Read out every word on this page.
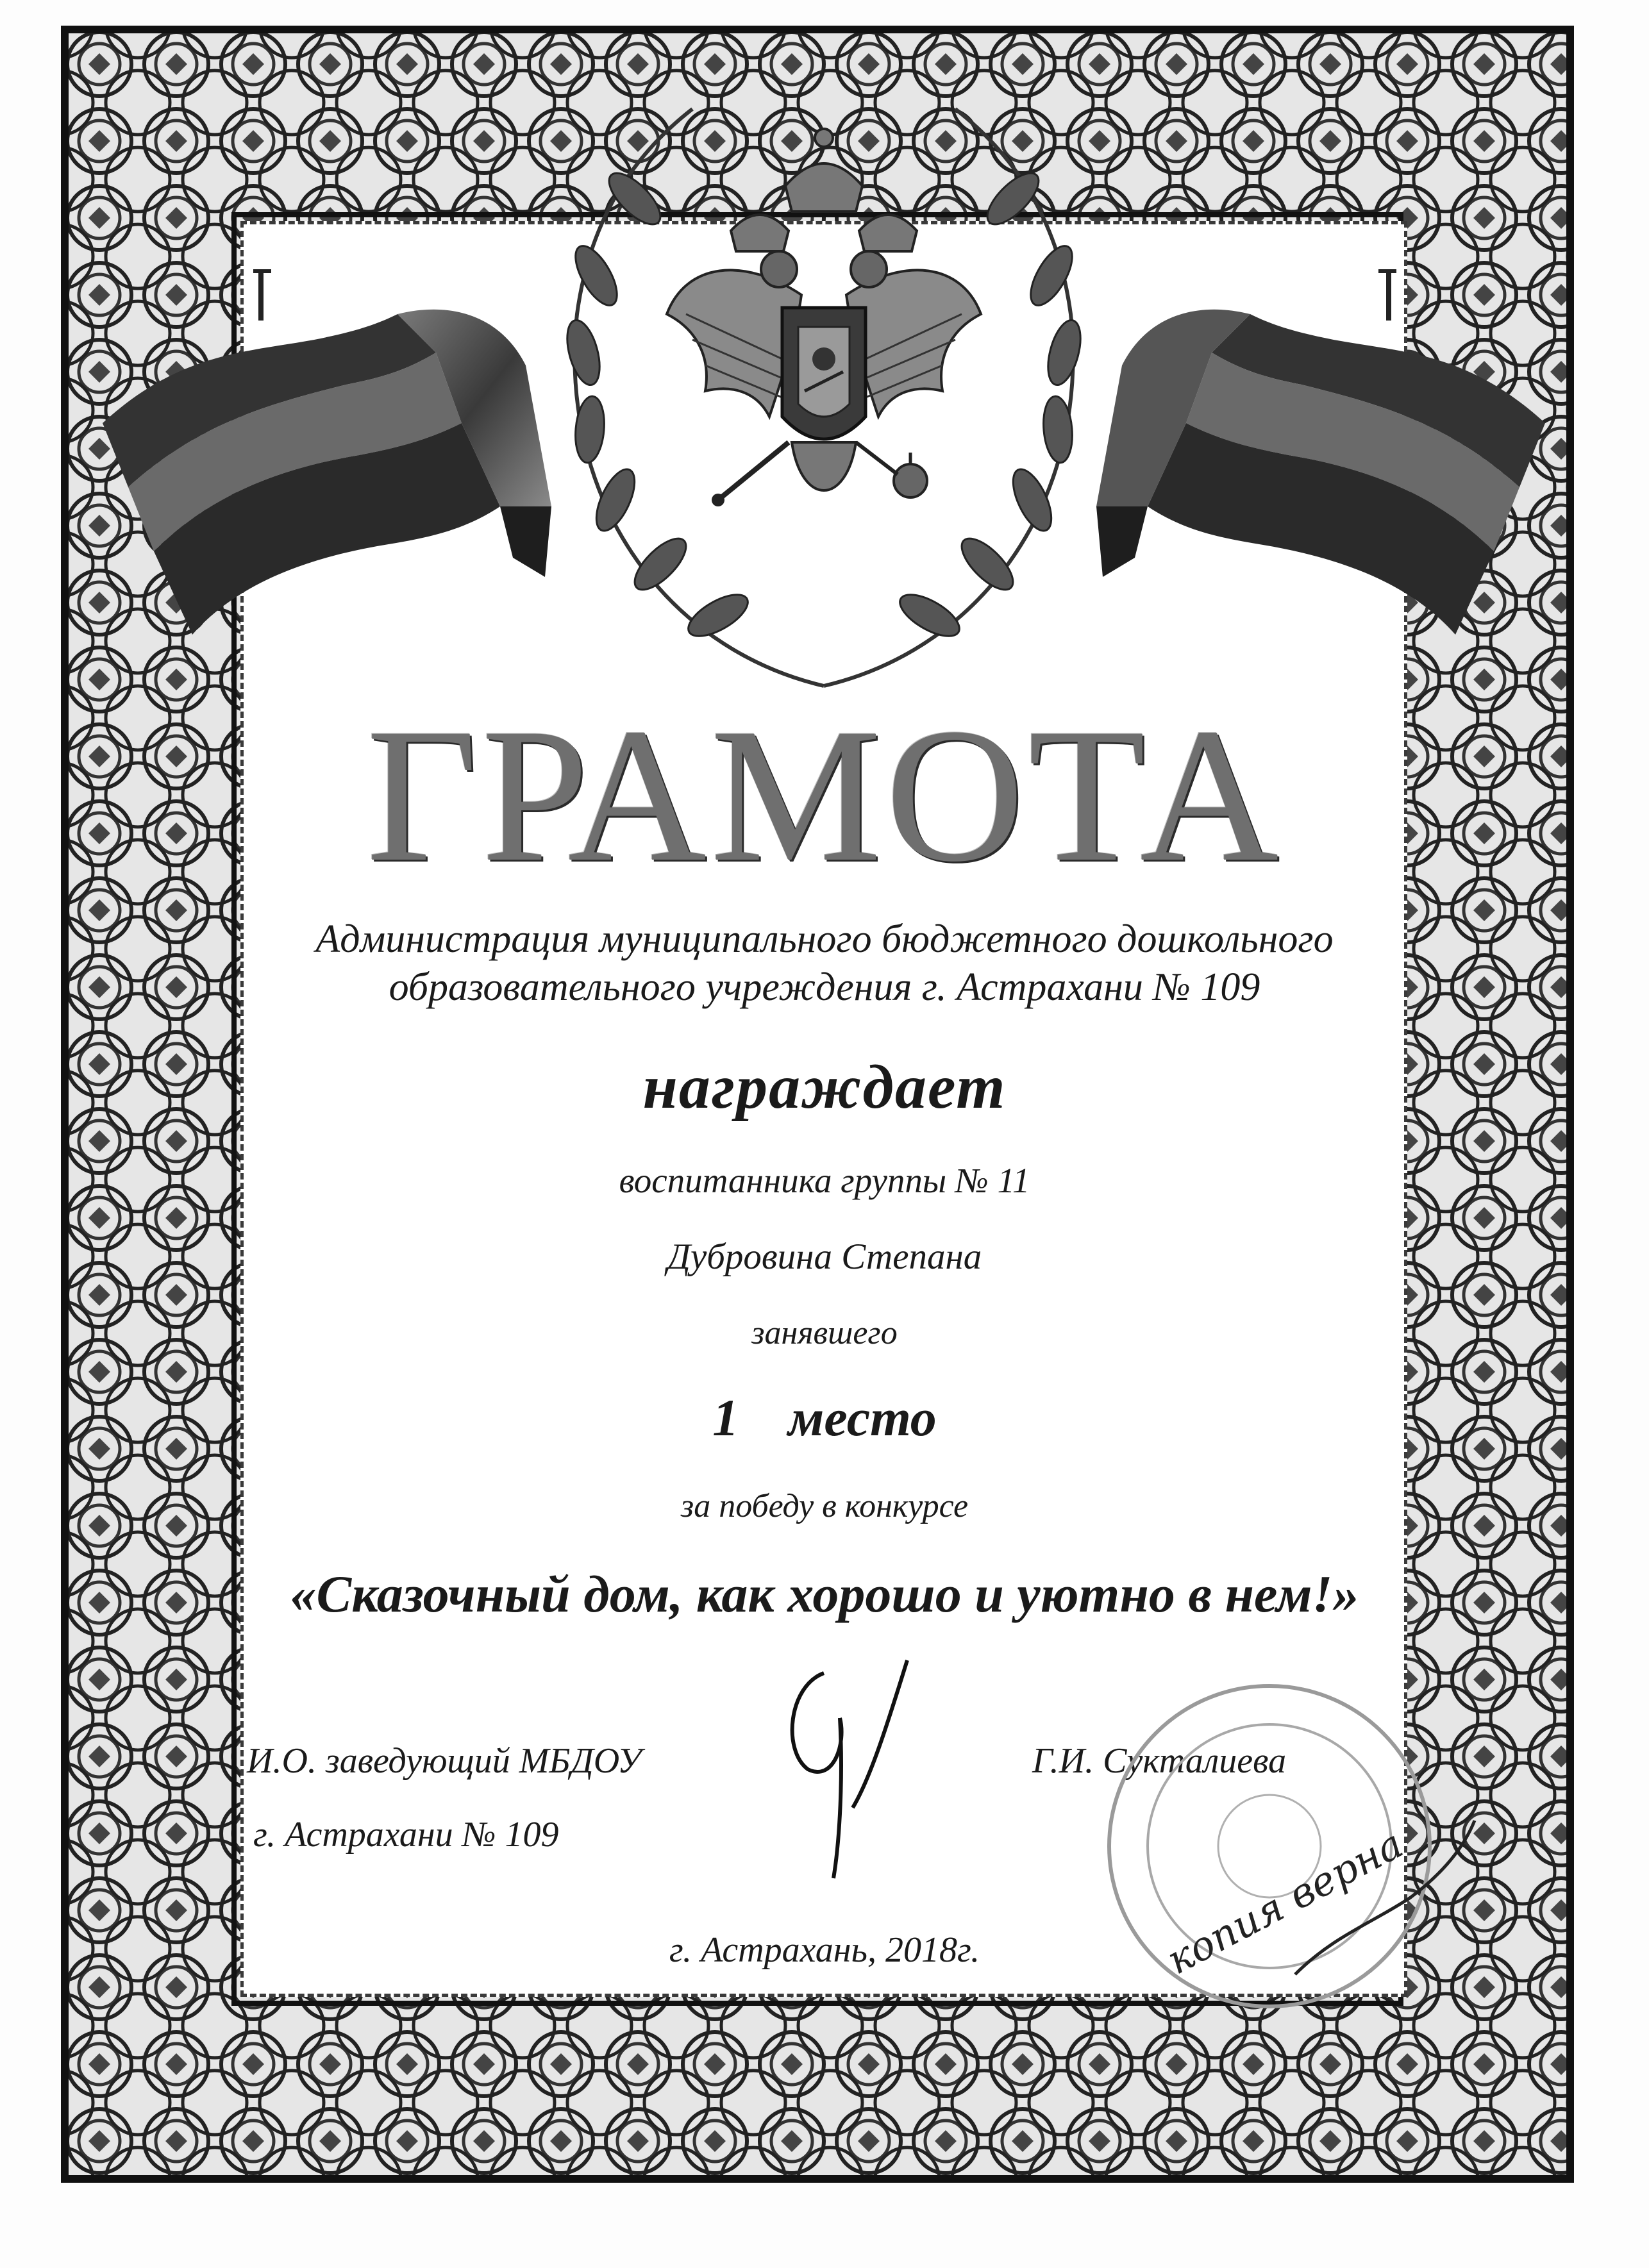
ГРАМОТА
Администрация муниципального бюджетного дошкольного
образовательного учреждения г. Астрахани № 109
награждает
воспитанника группы № 11
Дубровина Степана
занявшего
1  место
за победу в конкурсе
«Сказочный дом, как хорошо и уютно в нем!»
И.О. заведующий МБДОУ
г. Астрахани № 109
Г.И. Сукталиева
копия верна
г. Астрахань, 2018г.
